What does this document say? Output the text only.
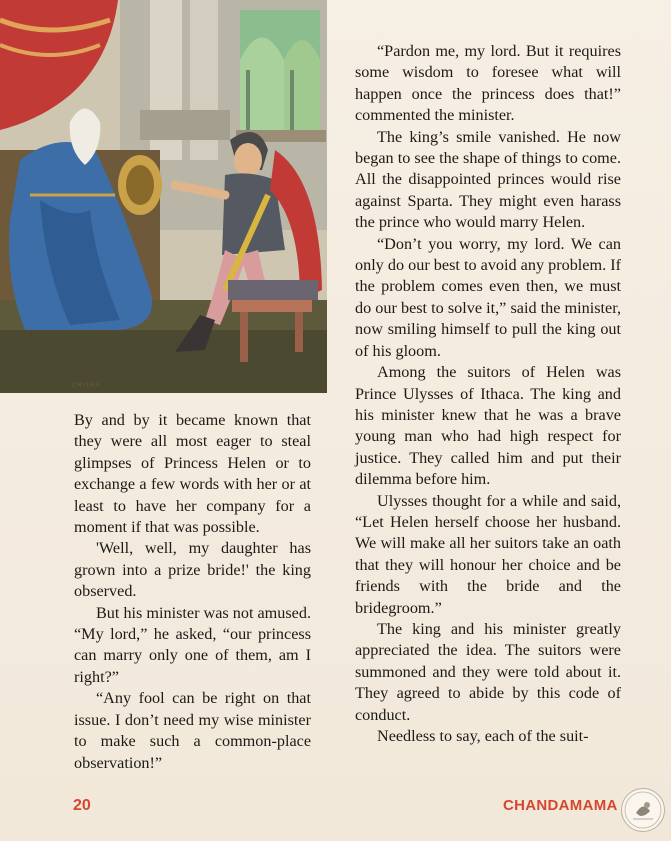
CHITRA

By and by it became known that they were all most eager to steal glimpses of Princess Helen or to exchange a few words with her or at least to have her company for a moment if that was possible.

'Well, well, my daughter has grown into a prize bride!' the king observed.

But his minister was not amused. “My lord,” he asked, “our princess can marry only one of them, am I right?”

“Any fool can be right on that issue. I don’t need my wise minister to make such a common-place observation!”

“Pardon me, my lord. But it requires some wisdom to foresee what will happen once the princess does that!” commented the minister.

The king’s smile vanished. He now began to see the shape of things to come. All the disappointed princes would rise against Sparta. They might even harass the prince who would marry Helen.

“Don’t you worry, my lord. We can only do our best to avoid any problem. If the problem comes even then, we must do our best to solve it,” said the minister, now smiling himself to pull the king out of his gloom.

Among the suitors of Helen was Prince Ulysses of Ithaca. The king and his minister knew that he was a brave young man who had high respect for justice. They called him and put their dilemma before him.

Ulysses thought for a while and said, “Let Helen herself choose her husband. We will make all her suitors take an oath that they will honour her choice and be friends with the bride and the bridegroom.”

The king and his minister greatly appreciated the idea. The suitors were summoned and they were told about it. They agreed to abide by this code of conduct.

Needless to say, each of the suit-

20	CHANDAMAMA
